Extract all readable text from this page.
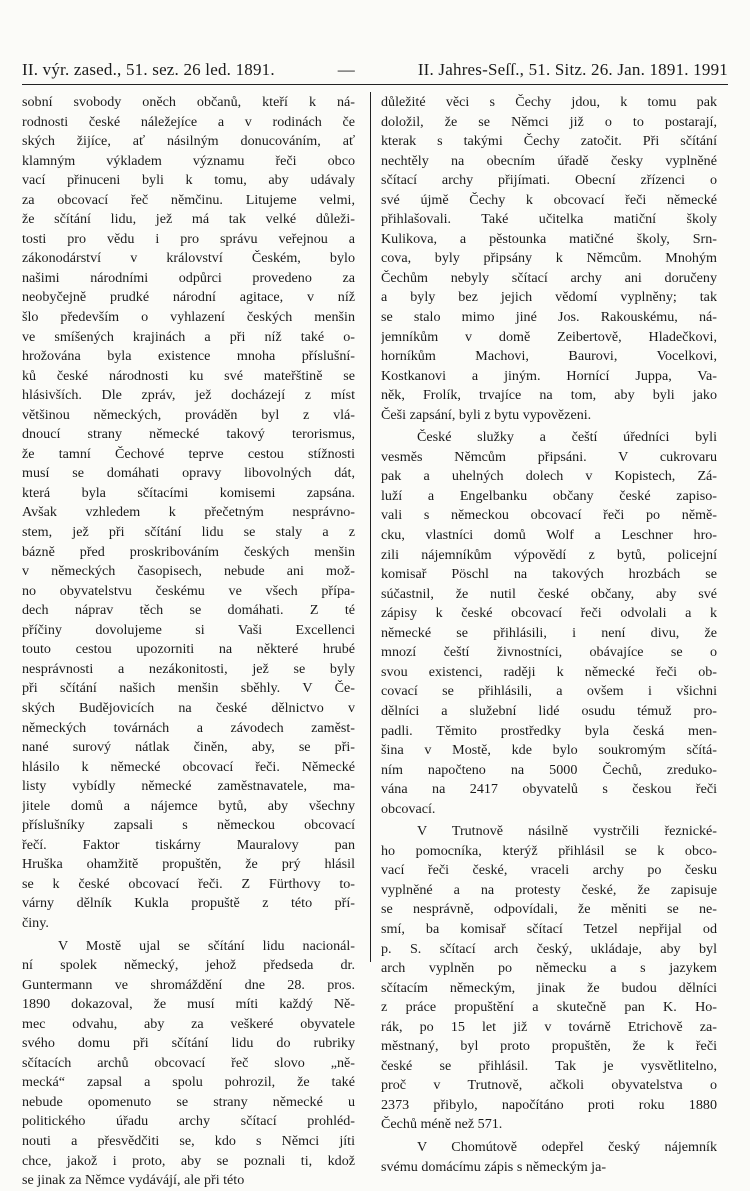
II. výr. zased., 51. sez. 26 led. 1891.	—	II. Jahres-Seſſ., 51. Sitz. 26. Jan. 1891. 1991
sobní svobody oněch občanů, kteří k ná-
rodnosti české náležejíce a v rodinách če
ských žijíce, ať násilným donucováním, ať
klamným výkladem významu řeči obco
vací přinuceni byli k tomu, aby udávaly
za obcovací řeč němčinu. Litujeme velmi,
že sčítání lidu, jež má tak velké důleži-
tosti pro vědu i pro správu veřejnou a
zákonodárství v království Českém, bylo
našimi národními odpůrci provedeno za
neobyčejně prudké národní agitace, v níž
šlo především o vyhlazení českých menšin
ve smíšených krajinách a při níž také o-
hrožována byla existence mnoha příslušní-
ků české národnosti ku své mateřštině se
hlásivších. Dle zpráv, jež docházejí z míst
většinou německých, prováděn byl z vlá-
dnoucí strany německé takový terorismus,
že tamní Čechové teprve cestou stížnosti
musí se domáhati opravy libovolných dát,
která byla sčítacími komisemi zapsána.
Avšak vzhledem k přečetným nesprávno-
stem, jež při sčítání lidu se staly a z
bázně před proskribováním českých menšin
v německých časopisech, nebude ani mož-
no obyvatelstvu českému ve všech přípa-
dech náprav těch se domáhati. Z té
příčiny dovolujeme si Vaši Excellenci
touto cestou upozorniti na některé hrubé
nesprávnosti a nezákonitosti, jež se byly
při sčítání našich menšin sběhly. V Če-
ských Budějovicích na české dělnictvo v
německých továrnách a závodech zaměst-
nané surový nátlak činěn, aby, se při-
hlásilo k německé obcovací řeči. Německé
listy vybídly německé zaměstnavatele, ma-
jitele domů a nájemce bytů, aby všechny
příslušníky zapsali s německou obcovací
řečí. Faktor tiskárny Mauralovy pan
Hruška ohamžitě propuštěn, že prý hlásil
se k české obcovací řeči. Z Fürthovy to-
várny dělník Kukla propuště z této pří-
činy.
V Mostě ujal se sčítání lidu nacionál-
ní spolek německý, jehož předseda dr.
Guntermann ve shromáždění dne 28. pros.
1890 dokazoval, že musí míti každý Ně-
mec odvahu, aby za veškeré obyvatele
svého domu při sčítání lidu do rubriky
sčítacích archů obcovací řeč slovo „ně-
mecká“ zapsal a spolu pohrozil, že také
nebude opomenuto se strany německé u
politického úřadu archy sčítací prohléd-
nouti a přesvědčiti se, kdo s Němci jíti
chce, jakož i proto, aby se poznali ti, kdož
se jinak za Němce vydávájí, ale při této
důležité věci s Čechy jdou, k tomu pak
doložil, že se Němci již o to postarají,
kterak s takými Čechy zatočit. Při sčítání
nechtěly na obecním úřadě česky vyplněné
sčítací archy přijímati. Obecní zřízenci o
své újmě Čechy k obcovací řeči německé
přihlašovali. Také učitelka matiční školy
Kulikova, a pěstounka matičné školy, Srn-
cova, byly připsány k Němcům. Mnohým
Čechům nebyly sčítací archy ani doručeny
a byly bez jejich vědomí vyplněny; tak
se stalo mimo jiné Jos. Rakouskému, ná-
jemníkům v domě Zeibertově, Hladečkovi,
horníkům Machovi, Baurovi, Vocelkovi,
Kostkanovi a jiným. Hornící Juppa, Va-
něk, Frolík, trvajíce na tom, aby byli jako
Češi zapsání, byli z bytu vypovězeni.
České služky a čeští úředníci byli
vesměs Němcům připsáni. V cukrovaru
pak a uhelných dolech v Kopistech, Zá-
luží a Engelbanku občany české zapiso-
vali s německou obcovací řeči po němě-
cku, vlastníci domů Wolf a Leschner hro-
zili nájemníkům výpovědí z bytů, policejní
komisař Pöschl na takových hrozbách se
súčastnil, že nutil české občany, aby své
zápisy k české obcovací řeči odvolali a k
německé se přihlásili, i není divu, že
mnozí čeští živnostníci, obávajíce se o
svou existenci, raději k německé řeči ob-
covací se přihlásili, a ovšem i všichni
dělníci a služební lidé osudu témuž pro-
padli. Těmito prostředky byla česká men-
šina v Mostě, kde bylo soukromým sčítá-
ním napočteno na 5000 Čechů, zreduko-
vána na 2417 obyvatelů s českou řeči
obcovací.
V Trutnově násilně vystrčili řeznické-
ho pomocníka, kterýž přihlásil se k obco-
vací řeči české, vraceli archy po česku
vyplněné a na protesty české, že zapisuje
se nesprávně, odpovídali, že měniti se ne-
smí, ba komisař sčítací Tetzel nepřijal od
p. S. sčítací arch český, ukládaje, aby byl
arch vyplněn po německu a s jazykem
sčítacím německým, jinak že budou dělníci
z práce propuštění a skutečně pan K. Ho-
rák, po 15 let již v továrně Etrichově za-
městnaný, byl proto propuštěn, že k řeči
české se přihlásil. Tak je vysvětlitelno,
proč v Trutnově, ačkoli obyvatelstva o
2373 přibylo, napočítáno proti roku 1880
Čechů méně než 571.
V Chomútově odepřel český nájemník
svému domácímu zápis s německým ja-
